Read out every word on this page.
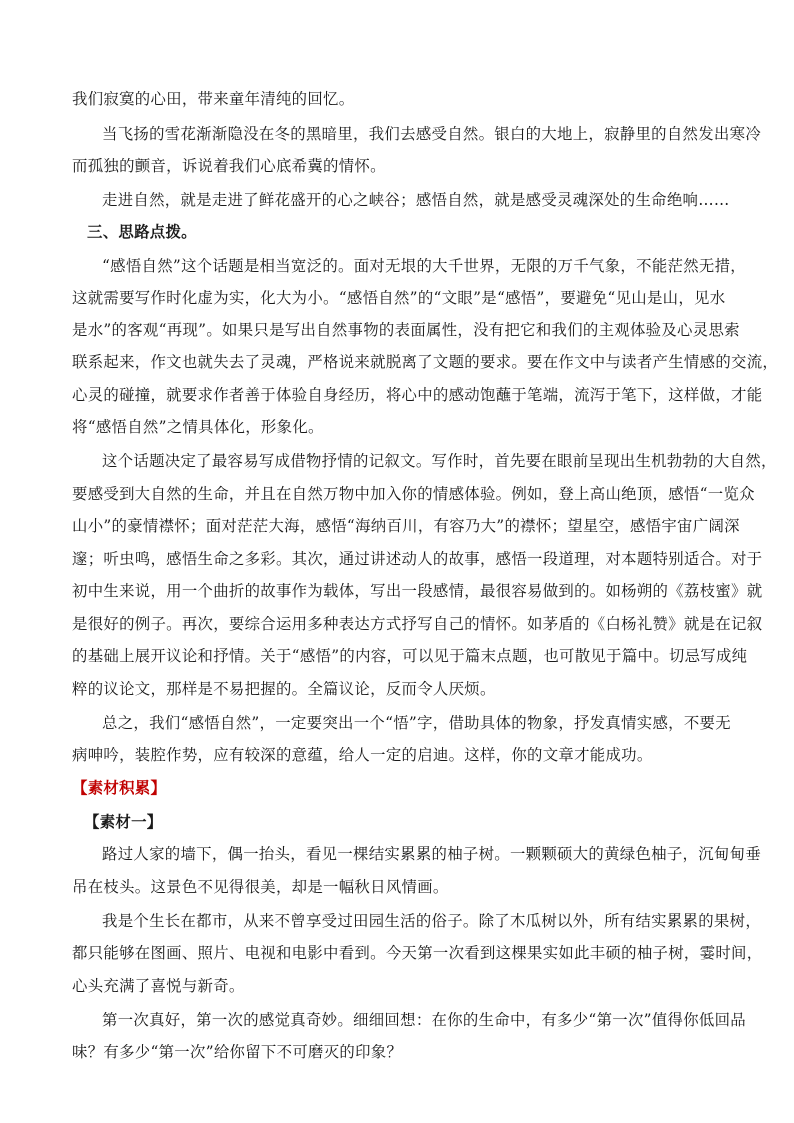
我们寂寞的心田，带来童年清纯的回忆。
当飞扬的雪花渐渐隐没在冬的黑暗里，我们去感受自然。银白的大地上，寂静里的自然发出寒冷
而孤独的颤音，诉说着我们心底希冀的情怀。
走进自然，就是走进了鲜花盛开的心之峡谷；感悟自然，就是感受灵魂深处的生命绝响……
三、思路点拨。
“感悟自然”这个话题是相当宽泛的。面对无垠的大千世界，无限的万千气象，不能茫然无措，
这就需要写作时化虚为实，化大为小。“感悟自然”的“文眼”是“感悟”，要避免“见山是山，见水
是水”的客观“再现”。如果只是写出自然事物的表面属性，没有把它和我们的主观体验及心灵思索
联系起来，作文也就失去了灵魂，严格说来就脱离了文题的要求。要在作文中与读者产生情感的交流，
心灵的碰撞，就要求作者善于体验自身经历，将心中的感动饱蘸于笔端，流泻于笔下，这样做，才能
将“感悟自然”之情具体化，形象化。
这个话题决定了最容易写成借物抒情的记叙文。写作时，首先要在眼前呈现出生机勃勃的大自然，
要感受到大自然的生命，并且在自然万物中加入你的情感体验。例如，登上高山绝顶，感悟“一览众
山小”的豪情襟怀；面对茫茫大海，感悟“海纳百川，有容乃大”的襟怀；望星空，感悟宇宙广阔深
邃；听虫鸣，感悟生命之多彩。其次，通过讲述动人的故事，感悟一段道理，对本题特别适合。对于
初中生来说，用一个曲折的故事作为载体，写出一段感情，最很容易做到的。如杨朔的《荔枝蜜》就
是很好的例子。再次，要综合运用多种表达方式抒写自己的情怀。如茅盾的《白杨礼赞》就是在记叙
的基础上展开议论和抒情。关于“感悟”的内容，可以见于篇末点题，也可散见于篇中。切忌写成纯
粹的议论文，那样是不易把握的。全篇议论，反而令人厌烦。
总之，我们“感悟自然”，一定要突出一个“悟”字，借助具体的物象，抒发真情实感，不要无
病呻吟，装腔作势，应有较深的意蕴，给人一定的启迪。这样，你的文章才能成功。
【素材积累】
【素材一】
路过人家的墙下，偶一抬头，看见一棵结实累累的柚子树。一颗颗硕大的黄绿色柚子，沉甸甸垂
吊在枝头。这景色不见得很美，却是一幅秋日风情画。
我是个生长在都市，从来不曾享受过田园生活的俗子。除了木瓜树以外，所有结实累累的果树，
都只能够在图画、照片、电视和电影中看到。今天第一次看到这棵果实如此丰硕的柚子树，霎时间，
心头充满了喜悦与新奇。
第一次真好，第一次的感觉真奇妙。细细回想：在你的生命中，有多少“第一次”值得你低回品
味？有多少“第一次”给你留下不可磨灭的印象？
